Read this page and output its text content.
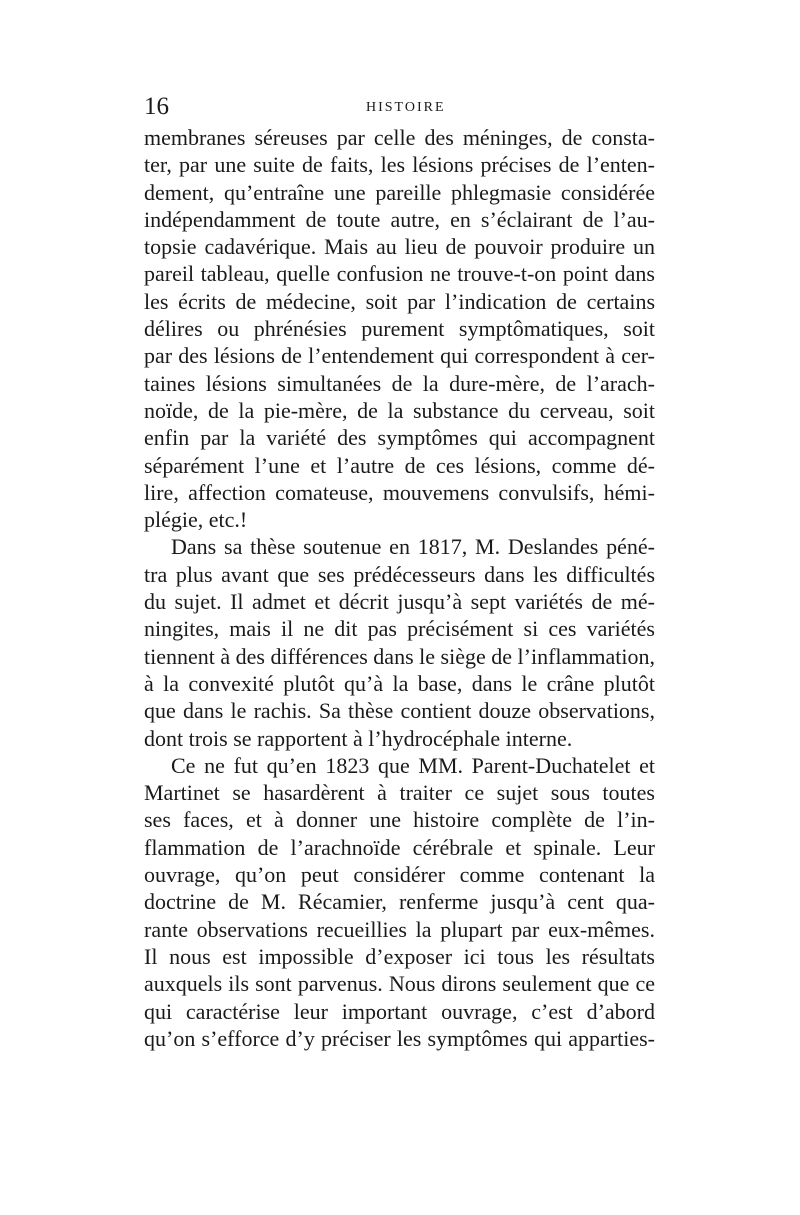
16	HISTOIRE
membranes séreuses par celle des méninges, de consta-
ter, par une suite de faits, les lésions précises de l’enten-
dement, qu’entraîne une pareille phlegmasie considérée
indépendamment de toute autre, en s’éclairant de l’au-
topsie cadavérique. Mais au lieu de pouvoir produire un
pareil tableau, quelle confusion ne trouve-t-on point dans
les écrits de médecine, soit par l’indication de certains
délires ou phrénésies purement symptômatiques, soit
par des lésions de l’entendement qui correspondent à cer-
taines lésions simultanées de la dure-mère, de l’arach-
noïde, de la pie-mère, de la substance du cerveau, soit
enfin par la variété des symptômes qui accompagnent
séparément l’une et l’autre de ces lésions, comme dé-
lire, affection comateuse, mouvemens convulsifs, hémi-
plégie, etc.!
Dans sa thèse soutenue en 1817, M. Deslandes péné-
tra plus avant que ses prédécesseurs dans les difficultés
du sujet. Il admet et décrit jusqu’à sept variétés de mé-
ningites, mais il ne dit pas précisément si ces variétés
tiennent à des différences dans le siège de l’inflammation,
à la convexité plutôt qu’à la base, dans le crâne plutôt
que dans le rachis. Sa thèse contient douze observations,
dont trois se rapportent à l’hydrocéphale interne.
Ce ne fut qu’en 1823 que MM. Parent-Duchatelet et
Martinet se hasardèrent à traiter ce sujet sous toutes
ses faces, et à donner une histoire complète de l’in-
flammation de l’arachnoïde cérébrale et spinale. Leur
ouvrage, qu’on peut considérer comme contenant la
doctrine de M. Récamier, renferme jusqu’à cent qua-
rante observations recueillies la plupart par eux-mêmes.
Il nous est impossible d’exposer ici tous les résultats
auxquels ils sont parvenus. Nous dirons seulement que ce
qui caractérise leur important ouvrage, c’est d’abord
qu’on s’efforce d’y préciser les symptômes qui apparties-
